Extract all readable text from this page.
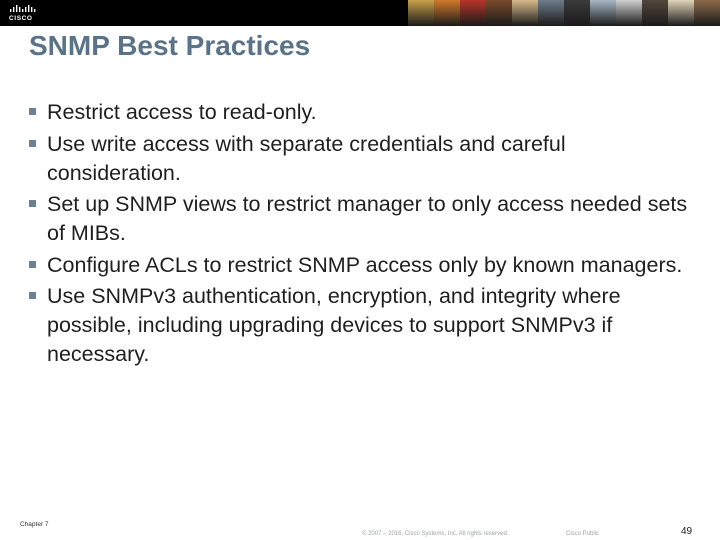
CISCO
SNMP Best Practices
Restrict access to read-only.
Use write access with separate credentials and careful consideration.
Set up SNMP views to restrict manager to only access needed sets of MIBs.
Configure ACLs to restrict SNMP access only by known managers.
Use SNMPv3 authentication, encryption, and integrity where possible, including upgrading devices to support SNMPv3 if necessary.
Chapter 7
© 2007 – 2016, Cisco Systems, Inc. All rights reserved.	Cisco Public	49
